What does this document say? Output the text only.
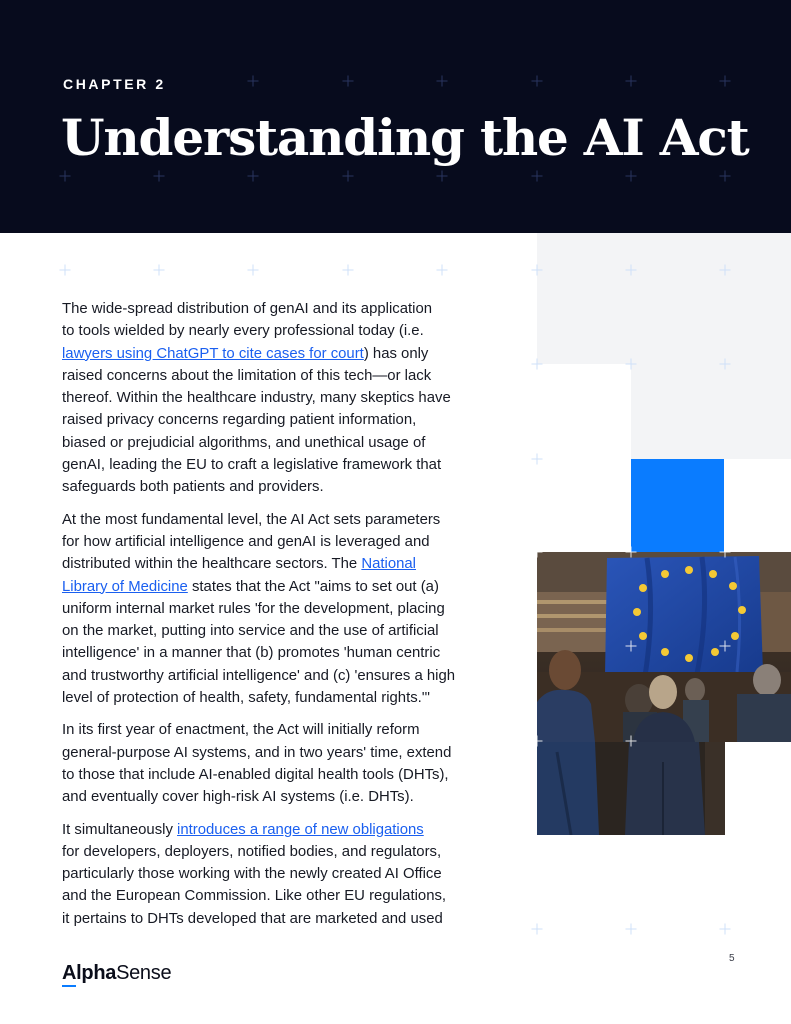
CHAPTER 2
Understanding the AI Act

The wide-spread distribution of genAI and its application
to tools wielded by nearly every professional today (i.e.
lawyers using ChatGPT to cite cases for court) has only
raised concerns about the limitation of this tech—or lack
thereof. Within the healthcare industry, many skeptics have
raised privacy concerns regarding patient information,
biased or prejudicial algorithms, and unethical usage of
genAI, leading the EU to craft a legislative framework that
safeguards both patients and providers.

At the most fundamental level, the AI Act sets parameters
for how artificial intelligence and genAI is leveraged and
distributed within the healthcare sectors. The National
Library of Medicine states that the Act "aims to set out (a)
uniform internal market rules 'for the development, placing
on the market, putting into service and the use of artificial
intelligence' in a manner that (b) promotes 'human centric
and trustworthy artificial intelligence' and (c) 'ensures a high
level of protection of health, safety, fundamental rights.'"

In its first year of enactment, the Act will initially reform
general-purpose AI systems, and in two years' time, extend
to those that include AI-enabled digital health tools (DHTs),
and eventually cover high-risk AI systems (i.e. DHTs).

It simultaneously introduces a range of new obligations
for developers, deployers, notified bodies, and regulators,
particularly those working with the newly created AI Office
and the European Commission. Like other EU regulations,
it pertains to DHTs developed that are marketed and used

AlphaSense
5
